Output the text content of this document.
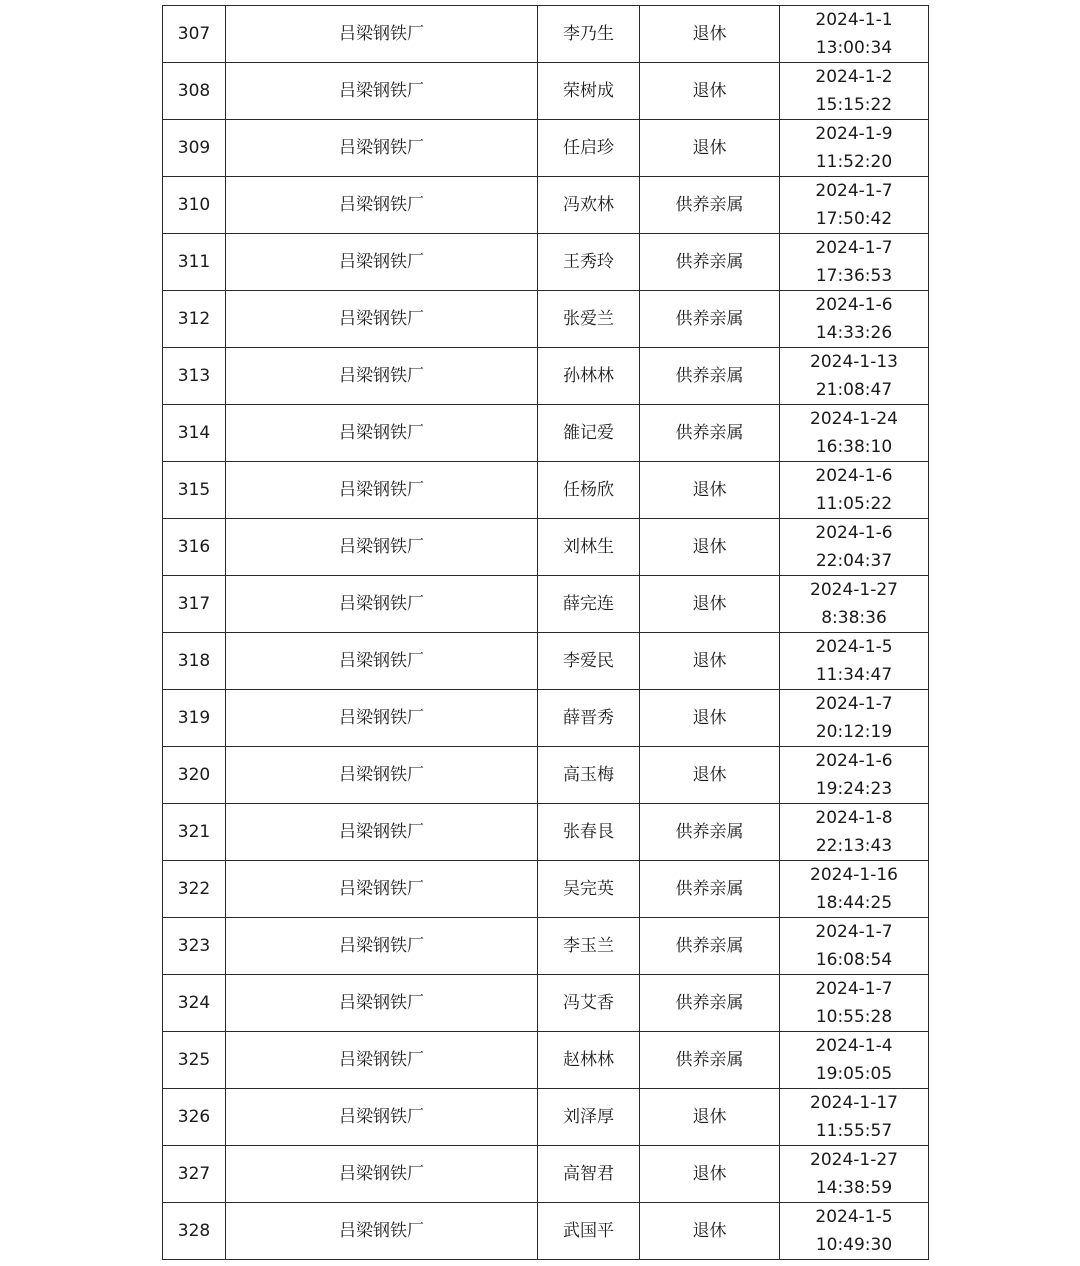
307	吕梁钢铁厂	李乃生	退休	2024-1-1
13:00:34

308	吕梁钢铁厂	荣树成	退休	2024-1-2
15:15:22

309	吕梁钢铁厂	任启珍	退休	2024-1-9
11:52:20

310	吕梁钢铁厂	冯欢林	供养亲属	2024-1-7
17:50:42

311	吕梁钢铁厂	王秀玲	供养亲属	2024-1-7
17:36:53

312	吕梁钢铁厂	张爱兰	供养亲属	2024-1-6
14:33:26

313	吕梁钢铁厂	孙林林	供养亲属	2024-1-13
21:08:47

314	吕梁钢铁厂	雒记爱	供养亲属	2024-1-24
16:38:10

315	吕梁钢铁厂	任杨欣	退休	2024-1-6
11:05:22

316	吕梁钢铁厂	刘林生	退休	2024-1-6
22:04:37

317	吕梁钢铁厂	薛完连	退休	2024-1-27
8:38:36

318	吕梁钢铁厂	李爱民	退休	2024-1-5
11:34:47

319	吕梁钢铁厂	薛晋秀	退休	2024-1-7
20:12:19

320	吕梁钢铁厂	高玉梅	退休	2024-1-6
19:24:23

321	吕梁钢铁厂	张春艮	供养亲属	2024-1-8
22:13:43

322	吕梁钢铁厂	吴完英	供养亲属	2024-1-16
18:44:25

323	吕梁钢铁厂	李玉兰	供养亲属	2024-1-7
16:08:54

324	吕梁钢铁厂	冯艾香	供养亲属	2024-1-7
10:55:28

325	吕梁钢铁厂	赵林林	供养亲属	2024-1-4
19:05:05

326	吕梁钢铁厂	刘泽厚	退休	2024-1-17
11:55:57

327	吕梁钢铁厂	高智君	退休	2024-1-27
14:38:59

328	吕梁钢铁厂	武国平	退休	2024-1-5
10:49:30
